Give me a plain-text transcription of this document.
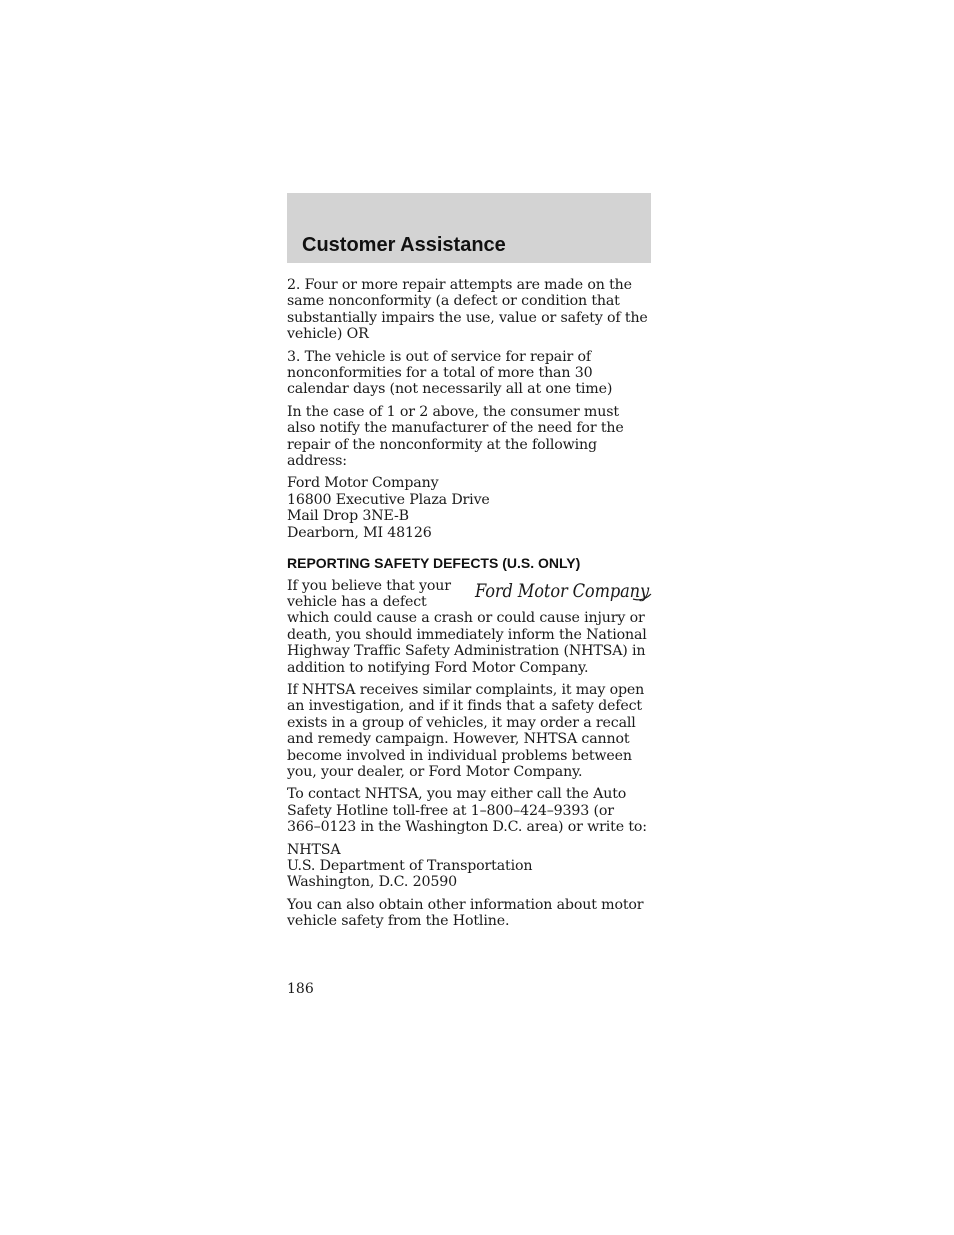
Customer Assistance

2. Four or more repair attempts are made on the same nonconformity (a defect or condition that substantially impairs the use, value or safety of the vehicle) OR

3. The vehicle is out of service for repair of nonconformities for a total of more than 30 calendar days (not necessarily all at one time)

In the case of 1 or 2 above, the consumer must also notify the manufacturer of the need for the repair of the nonconformity at the following address:

Ford Motor Company
16800 Executive Plaza Drive
Mail Drop 3NE-B
Dearborn, MI 48126
REPORTING SAFETY DEFECTS (U.S. ONLY)

Ford Motor Company
If you believe that your vehicle has a defect which could cause a crash or could cause injury or death, you should immediately inform the National Highway Traffic Safety Administration (NHTSA) in addition to notifying Ford Motor Company.

If NHTSA receives similar complaints, it may open an investigation, and if it finds that a safety defect exists in a group of vehicles, it may order a recall and remedy campaign. However, NHTSA cannot become involved in individual problems between you, your dealer, or Ford Motor Company.

To contact NHTSA, you may either call the Auto Safety Hotline toll-free at 1–800–424–9393 (or 366–0123 in the Washington D.C. area) or write to:

NHTSA
U.S. Department of Transportation
Washington, D.C. 20590

You can also obtain other information about motor vehicle safety from the Hotline.

186
